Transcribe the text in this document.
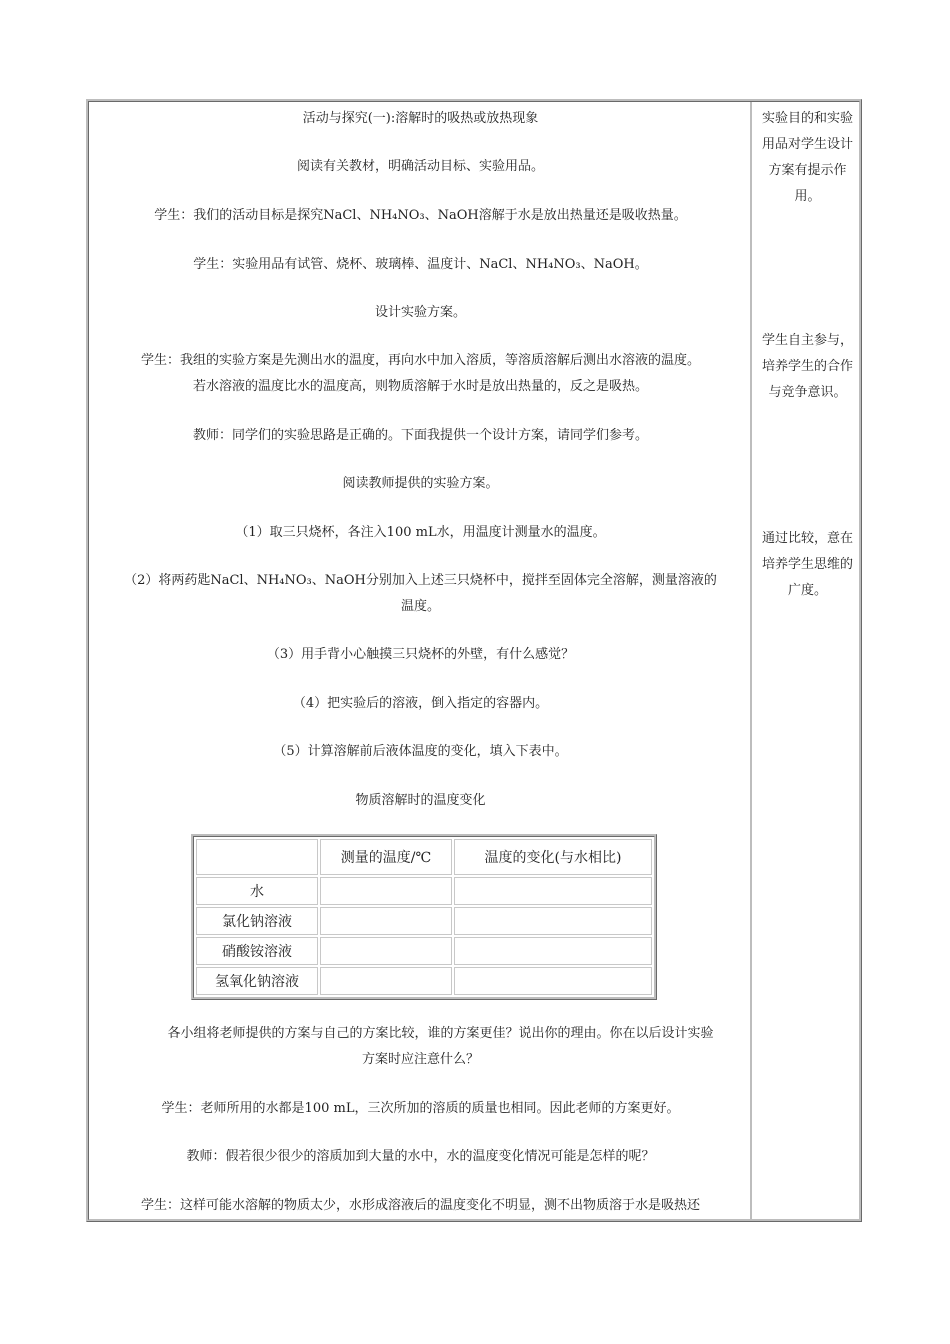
活动与探究(一):溶解时的吸热或放热现象
阅读有关教材，明确活动目标、实验用品。
学生：我们的活动目标是探究NaCl、NH₄NO₃、NaOH溶解于水是放出热量还是吸收热量。
学生：实验用品有试管、烧杯、玻璃棒、温度计、NaCl、NH₄NO₃、NaOH。
设计实验方案。
学生：我组的实验方案是先测出水的温度，再向水中加入溶质，等溶质溶解后测出水溶液的温度。
若水溶液的温度比水的温度高，则物质溶解于水时是放出热量的，反之是吸热。
教师：同学们的实验思路是正确的。下面我提供一个设计方案，请同学们参考。
阅读教师提供的实验方案。
（1）取三只烧杯，各注入100 mL水，用温度计测量水的温度。
（2）将两药匙NaCl、NH₄NO₃、NaOH分别加入上述三只烧杯中，搅拌至固体完全溶解，测量溶液的
温度。
（3）用手背小心触摸三只烧杯的外壁，有什么感觉？
（4）把实验后的溶液，倒入指定的容器内。
（5）计算溶解前后液体温度的变化，填入下表中。
物质溶解时的温度变化
	测量的温度/℃	温度的变化(与水相比)
水		
氯化钠溶液		
硝酸铵溶液		
氢氧化钠溶液		
各小组将老师提供的方案与自己的方案比较，谁的方案更佳？说出你的理由。你在以后设计实验
方案时应注意什么？
学生：老师所用的水都是100 mL，三次所加的溶质的质量也相同。因此老师的方案更好。
教师：假若很少很少的溶质加到大量的水中，水的温度变化情况可能是怎样的呢？
学生：这样可能水溶解的物质太少，水形成溶液后的温度变化不明显，测不出物质溶于水是吸热还
实验目的和实验
用品对学生设计
方案有提示作
用。
学生自主参与，
培养学生的合作
与竞争意识。
通过比较，意在
培养学生思维的
广度。
